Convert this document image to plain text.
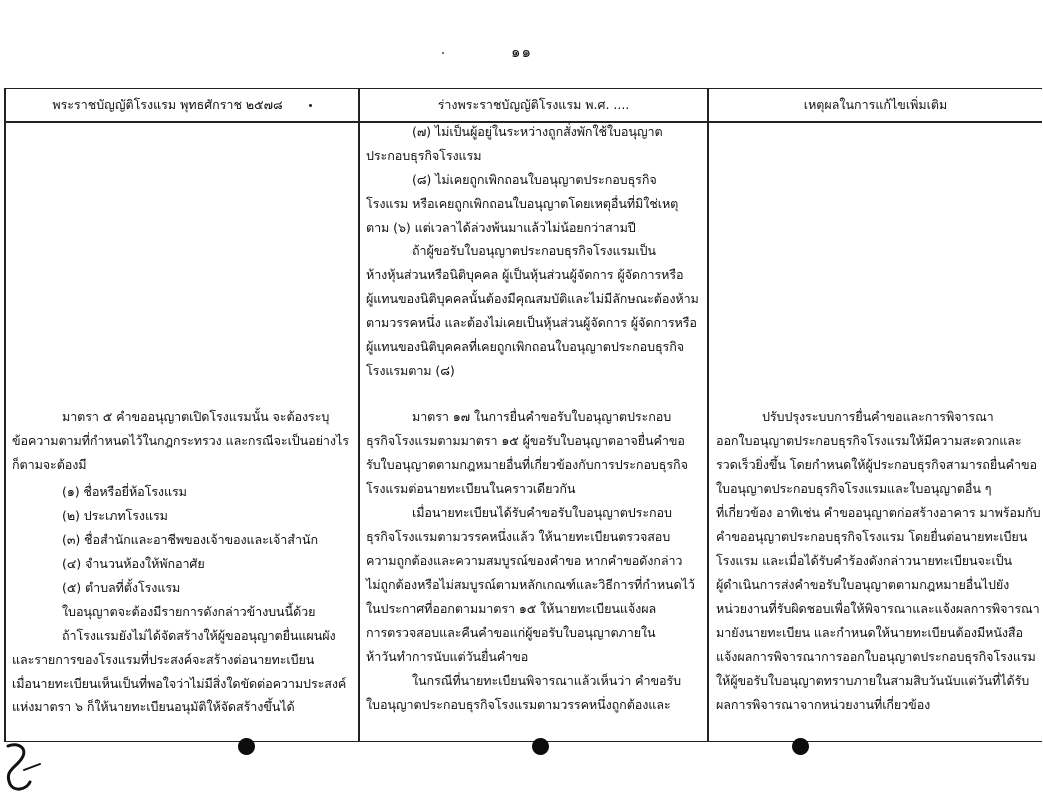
๑๑
พระราชบัญญัติโรงแรม พุทธศักราช ๒๕๗๘	ร่างพระราชบัญญัติโรงแรม พ.ศ. ....	เหตุผลในการแก้ไขเพิ่มเติม
มาตรา ๕ คำขออนุญาตเปิดโรงแรมนั้น จะต้องระบุ
ข้อความตามที่กำหนดไว้ในกฎกระทรวง และกรณีจะเป็นอย่างไร
ก็ตามจะต้องมี
(๑) ชื่อหรือยี่ห้อโรงแรม
(๒) ประเภทโรงแรม
(๓) ชื่อสำนักและอาชีพของเจ้าของและเจ้าสำนัก
(๔) จำนวนห้องให้พักอาศัย
(๕) ตำบลที่ตั้งโรงแรม
ใบอนุญาตจะต้องมีรายการดังกล่าวข้างบนนี้ด้วย
ถ้าโรงแรมยังไม่ได้จัดสร้างให้ผู้ขออนุญาตยื่นแผนผัง
และรายการของโรงแรมที่ประสงค์จะสร้างต่อนายทะเบียน
เมื่อนายทะเบียนเห็นเป็นที่พอใจว่าไม่มีสิ่งใดขัดต่อความประสงค์
แห่งมาตรา ๖ ก็ให้นายทะเบียนอนุมัติให้จัดสร้างขึ้นได้
(๗) ไม่เป็นผู้อยู่ในระหว่างถูกสั่งพักใช้ใบอนุญาต
ประกอบธุรกิจโรงแรม
(๘) ไม่เคยถูกเพิกถอนใบอนุญาตประกอบธุรกิจ
โรงแรม หรือเคยถูกเพิกถอนใบอนุญาตโดยเหตุอื่นที่มิใช่เหตุ
ตาม (๖) แต่เวลาได้ล่วงพ้นมาแล้วไม่น้อยกว่าสามปี
ถ้าผู้ขอรับใบอนุญาตประกอบธุรกิจโรงแรมเป็น
ห้างหุ้นส่วนหรือนิติบุคคล ผู้เป็นหุ้นส่วนผู้จัดการ ผู้จัดการหรือ
ผู้แทนของนิติบุคคลนั้นต้องมีคุณสมบัติและไม่มีลักษณะต้องห้าม
ตามวรรคหนึ่ง และต้องไม่เคยเป็นหุ้นส่วนผู้จัดการ ผู้จัดการหรือ
ผู้แทนของนิติบุคคลที่เคยถูกเพิกถอนใบอนุญาตประกอบธุรกิจ
โรงแรมตาม (๘)
มาตรา ๑๗ ในการยื่นคำขอรับใบอนุญาตประกอบ
ธุรกิจโรงแรมตามมาตรา ๑๕ ผู้ขอรับใบอนุญาตอาจยื่นคำขอ
รับใบอนุญาตตามกฎหมายอื่นที่เกี่ยวข้องกับการประกอบธุรกิจ
โรงแรมต่อนายทะเบียนในคราวเดียวกัน
เมื่อนายทะเบียนได้รับคำขอรับใบอนุญาตประกอบ
ธุรกิจโรงแรมตามวรรคหนึ่งแล้ว ให้นายทะเบียนตรวจสอบ
ความถูกต้องและความสมบูรณ์ของคำขอ หากคำขอดังกล่าว
ไม่ถูกต้องหรือไม่สมบูรณ์ตามหลักเกณฑ์และวิธีการที่กำหนดไว้
ในประกาศที่ออกตามมาตรา ๑๕ ให้นายทะเบียนแจ้งผล
การตรวจสอบและคืนคำขอแก่ผู้ขอรับใบอนุญาตภายใน
ห้าวันทำการนับแต่วันยื่นคำขอ
ในกรณีที่นายทะเบียนพิจารณาแล้วเห็นว่า คำขอรับ
ใบอนุญาตประกอบธุรกิจโรงแรมตามวรรคหนึ่งถูกต้องและ
ปรับปรุงระบบการยื่นคำขอและการพิจารณา
ออกใบอนุญาตประกอบธุรกิจโรงแรมให้มีความสะดวกและ
รวดเร็วยิ่งขึ้น โดยกำหนดให้ผู้ประกอบธุรกิจสามารถยื่นคำขอ
ใบอนุญาตประกอบธุรกิจโรงแรมและใบอนุญาตอื่น ๆ
ที่เกี่ยวข้อง อาทิเช่น คำขออนุญาตก่อสร้างอาคาร มาพร้อมกับ
คำขออนุญาตประกอบธุรกิจโรงแรม โดยยื่นต่อนายทะเบียน
โรงแรม และเมื่อได้รับคำร้องดังกล่าวนายทะเบียนจะเป็น
ผู้ดำเนินการส่งคำขอรับใบอนุญาตตามกฎหมายอื่นไปยัง
หน่วยงานที่รับผิดชอบเพื่อให้พิจารณาและแจ้งผลการพิจารณา
มายังนายทะเบียน และกำหนดให้นายทะเบียนต้องมีหนังสือ
แจ้งผลการพิจารณาการออกใบอนุญาตประกอบธุรกิจโรงแรม
ให้ผู้ขอรับใบอนุญาตทราบภายในสามสิบวันนับแต่วันที่ได้รับ
ผลการพิจารณาจากหน่วยงานที่เกี่ยวข้อง
